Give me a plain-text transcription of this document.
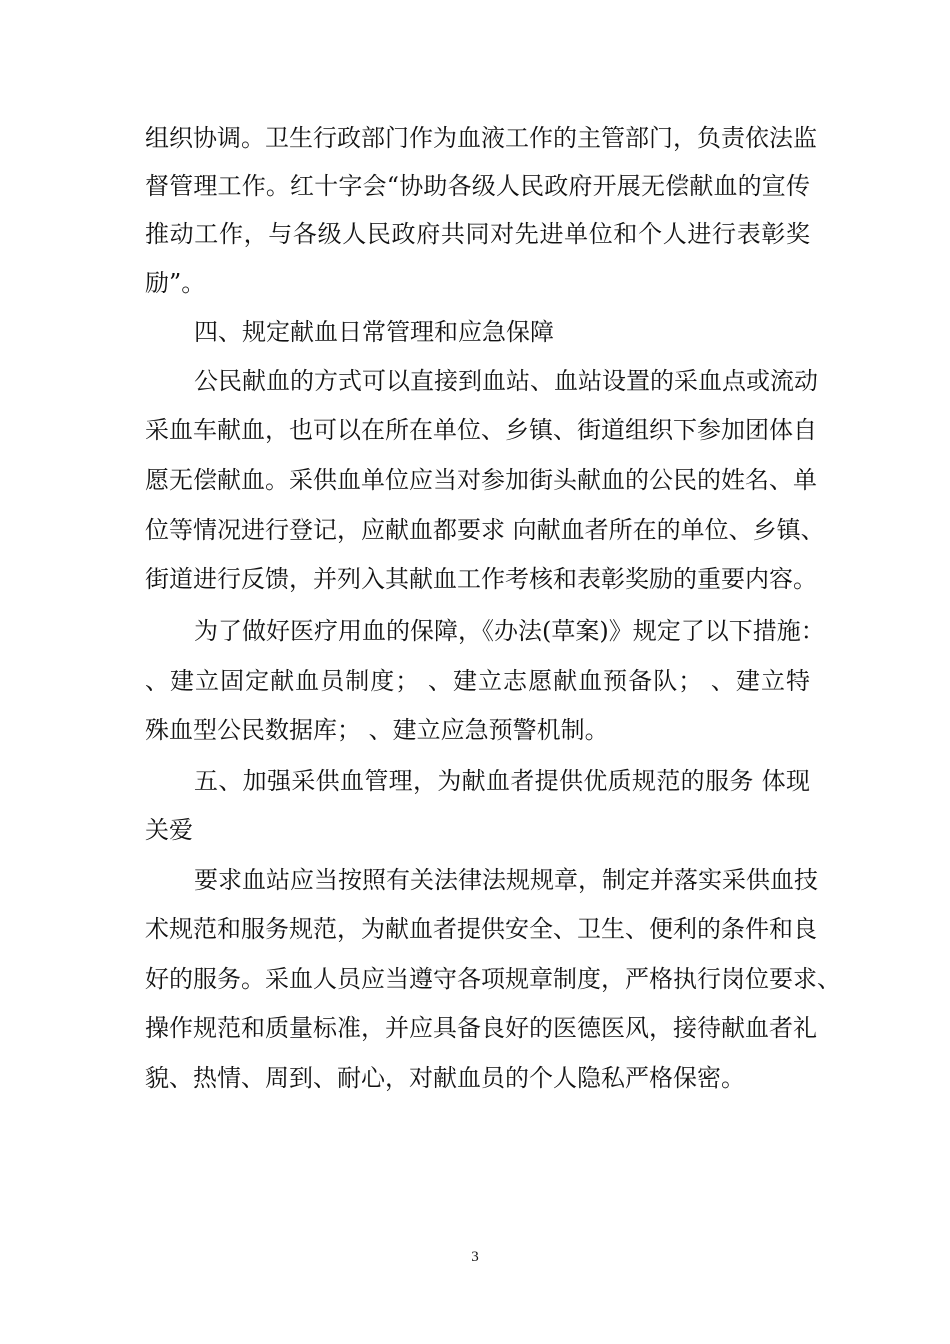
组织协调。卫生行政部门作为血液工作的主管部门，负责依法监
督管理工作。红十字会“协助各级人民政府开展无偿献血的宣传
推动工作，与各级人民政府共同对先进单位和个人进行表彰奖
励”。
四、规定献血日常管理和应急保障
公民献血的方式可以直接到血站、血站设置的采血点或流动
采血车献血，也可以在所在单位、乡镇、街道组织下参加团体自
愿无偿献血。采供血单位应当对参加街头献血的公民的姓名、单
位等情况进行登记，应献血都要求 向献血者所在的单位、乡镇、
街道进行反馈，并列入其献血工作考核和表彰奖励的重要内容。
为了做好医疗用血的保障，《办法(草案)》规定了以下措施：
、建立固定献血员制度； 、建立志愿献血预备队； 、建立特
殊血型公民数据库； 、建立应急预警机制。
五、加强采供血管理，为献血者提供优质规范的服务 体现
关爱
要求血站应当按照有关法律法规规章，制定并落实采供血技
术规范和服务规范，为献血者提供安全、卫生、便利的条件和良
好的服务。采血人员应当遵守各项规章制度，严格执行岗位要求、
操作规范和质量标准，并应具备良好的医德医风，接待献血者礼
貌、热情、周到、耐心，对献血员的个人隐私严格保密。
3
